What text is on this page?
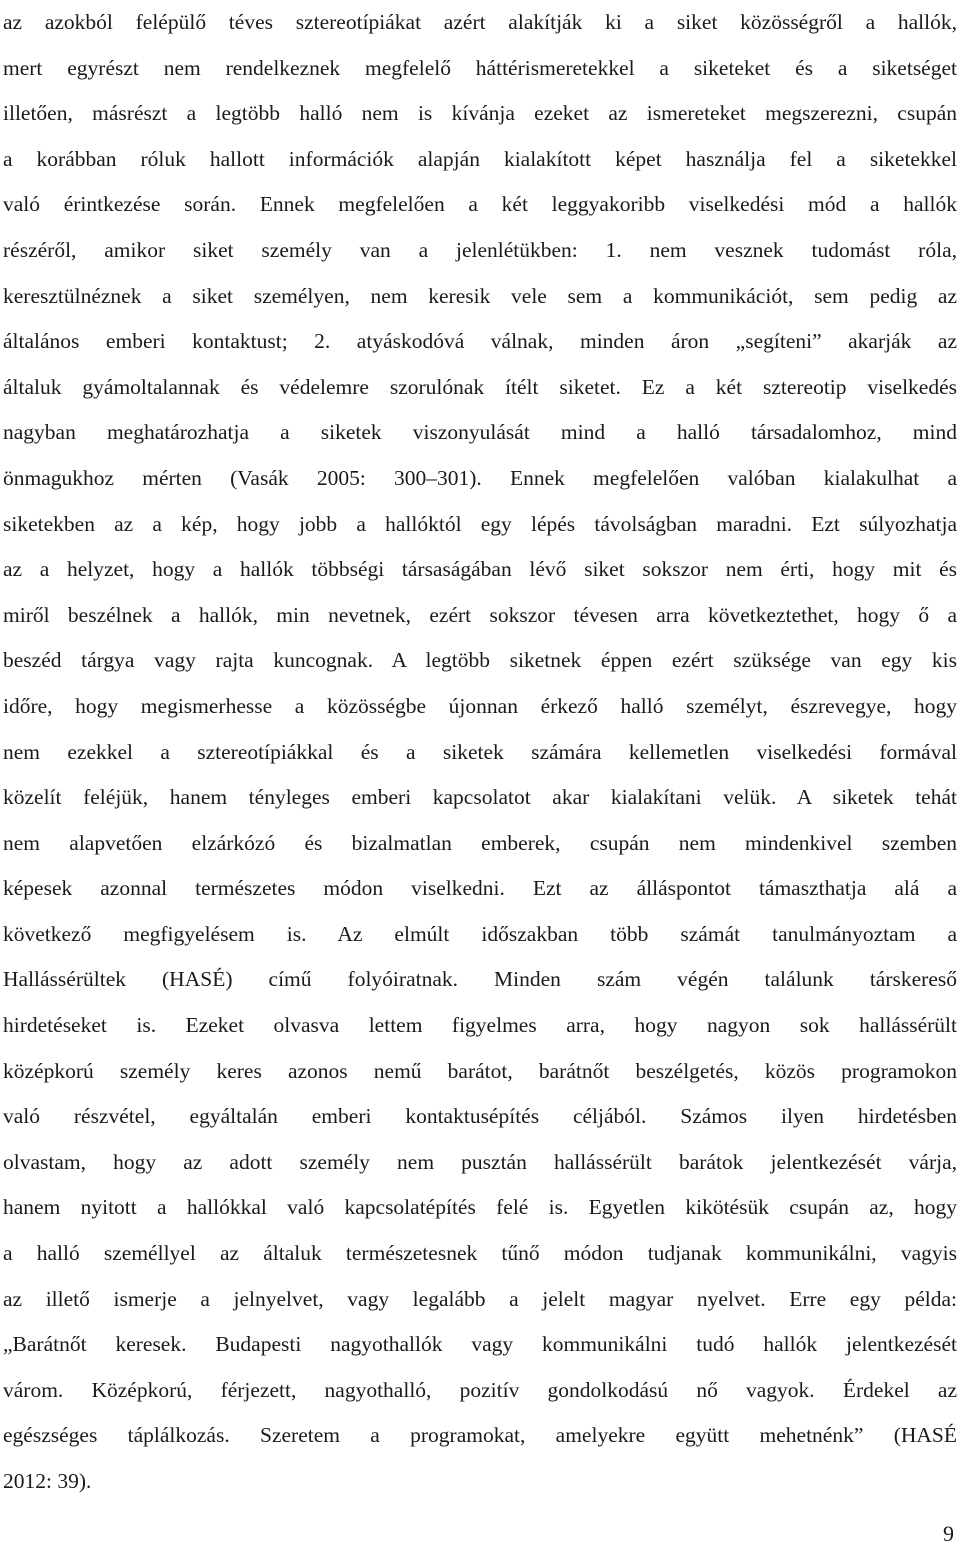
az azokból felépülő téves sztereotípiákat azért alakítják ki a siket közösségről a hallók,
mert egyrészt nem rendelkeznek megfelelő háttérismeretekkel a siketeket és a siketséget
illetően, másrészt a legtöbb halló nem is kívánja ezeket az ismereteket megszerezni, csupán
a korábban róluk hallott információk alapján kialakított képet használja fel a siketekkel
való érintkezése során. Ennek megfelelően a két leggyakoribb viselkedési mód a hallók
részéről, amikor siket személy van a jelenlétükben: 1. nem vesznek tudomást róla,
keresztülnéznek a siket személyen, nem keresik vele sem a kommunikációt, sem pedig az
általános emberi kontaktust; 2. atyáskodóvá válnak, minden áron „segíteni” akarják az
általuk gyámoltalannak és védelemre szorulónak ítélt siketet. Ez a két sztereotip viselkedés
nagyban meghatározhatja a siketek viszonyulását mind a halló társadalomhoz, mind
önmagukhoz mérten (Vasák 2005: 300–301). Ennek megfelelően valóban kialakulhat a
siketekben az a kép, hogy jobb a hallóktól egy lépés távolságban maradni. Ezt súlyozhatja
az a helyzet, hogy a hallók többségi társaságában lévő siket sokszor nem érti, hogy mit és
miről beszélnek a hallók, min nevetnek, ezért sokszor tévesen arra következtethet, hogy ő a
beszéd tárgya vagy rajta kuncognak. A legtöbb siketnek éppen ezért szüksége van egy kis
időre, hogy megismerhesse a közösségbe újonnan érkező halló személyt, észrevegye, hogy
nem ezekkel a sztereotípiákkal és a siketek számára kellemetlen viselkedési formával
közelít feléjük, hanem tényleges emberi kapcsolatot akar kialakítani velük. A siketek tehát
nem alapvetően elzárkózó és bizalmatlan emberek, csupán nem mindenkivel szemben
képesek azonnal természetes módon viselkedni. Ezt az álláspontot támaszthatja alá a
következő megfigyelésem is. Az elmúlt időszakban több számát tanulmányoztam a
Hallássérültek (HASÉ) című folyóiratnak. Minden szám végén találunk társkereső
hirdetéseket is. Ezeket olvasva lettem figyelmes arra, hogy nagyon sok hallássérült
középkorú személy keres azonos nemű barátot, barátnőt beszélgetés, közös programokon
való részvétel, egyáltalán emberi kontaktusépítés céljából. Számos ilyen hirdetésben
olvastam, hogy az adott személy nem pusztán hallássérült barátok jelentkezését várja,
hanem nyitott a hallókkal való kapcsolatépítés felé is. Egyetlen kikötésük csupán az, hogy
a halló személlyel az általuk természetesnek tűnő módon tudjanak kommunikálni, vagyis
az illető ismerje a jelnyelvet, vagy legalább a jelelt magyar nyelvet. Erre egy példa:
„Barátnőt keresek. Budapesti nagyothallók vagy kommunikálni tudó hallók jelentkezését
várom. Középkorú, férjezett, nagyothalló, pozitív gondolkodású nő vagyok. Érdekel az
egészséges táplálkozás. Szeretem a programokat, amelyekre együtt mehetnénk” (HASÉ
2012: 39).
9
